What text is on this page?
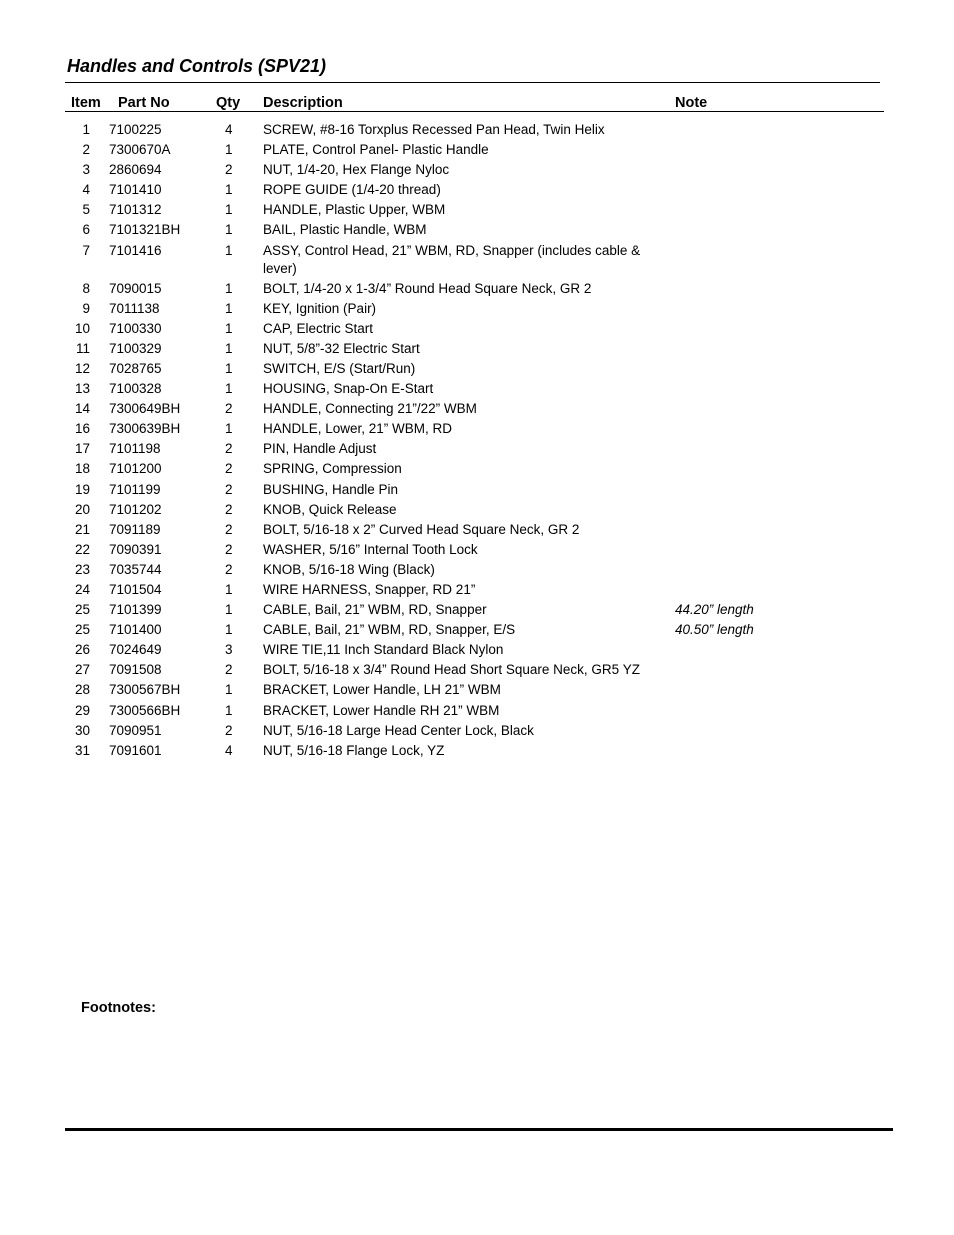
Handles and Controls (SPV21)
Item Part No	Qty Description	Note
1 7100225	4 SCREW, #8-16 Torxplus Recessed Pan Head, Twin Helix
2 7300670A	1 PLATE, Control Panel- Plastic Handle
3 2860694	2 NUT, 1/4-20, Hex Flange Nyloc
4 7101410	1 ROPE GUIDE (1/4-20 thread)
5 7101312	1 HANDLE, Plastic Upper, WBM
6 7101321BH	1 BAIL, Plastic Handle, WBM
7 7101416	1 ASSY, Control Head, 21” WBM, RD, Snapper (includes cable & lever)
8 7090015	1 BOLT, 1/4-20 x 1-3/4” Round Head Square Neck, GR 2
9 7011138	1 KEY, Ignition (Pair)
10 7100330	1 CAP, Electric Start
11 7100329	1 NUT, 5/8”-32 Electric Start
12 7028765	1 SWITCH, E/S (Start/Run)
13 7100328	1 HOUSING, Snap-On E-Start
14 7300649BH	2 HANDLE, Connecting 21”/22” WBM
16 7300639BH	1 HANDLE, Lower, 21” WBM, RD
17 7101198	2 PIN, Handle Adjust
18 7101200	2 SPRING, Compression
19 7101199	2 BUSHING, Handle Pin
20 7101202	2 KNOB, Quick Release
21 7091189	2 BOLT, 5/16-18 x 2” Curved Head Square Neck, GR 2
22 7090391	2 WASHER, 5/16” Internal Tooth Lock
23 7035744	2 KNOB, 5/16-18 Wing (Black)
24 7101504	1 WIRE HARNESS, Snapper, RD 21”
25 7101399	1 CABLE, Bail, 21” WBM, RD, Snapper	44.20” length
25 7101400	1 CABLE, Bail, 21” WBM, RD, Snapper, E/S	40.50” length
26 7024649	3 WIRE TIE,11 Inch Standard Black Nylon
27 7091508	2 BOLT, 5/16-18 x 3/4” Round Head Short Square Neck, GR5 YZ
28 7300567BH	1 BRACKET, Lower Handle, LH 21” WBM
29 7300566BH	1 BRACKET, Lower Handle RH 21” WBM
30 7090951	2 NUT, 5/16-18 Large Head Center Lock, Black
31 7091601	4 NUT, 5/16-18 Flange Lock, YZ
Footnotes:
